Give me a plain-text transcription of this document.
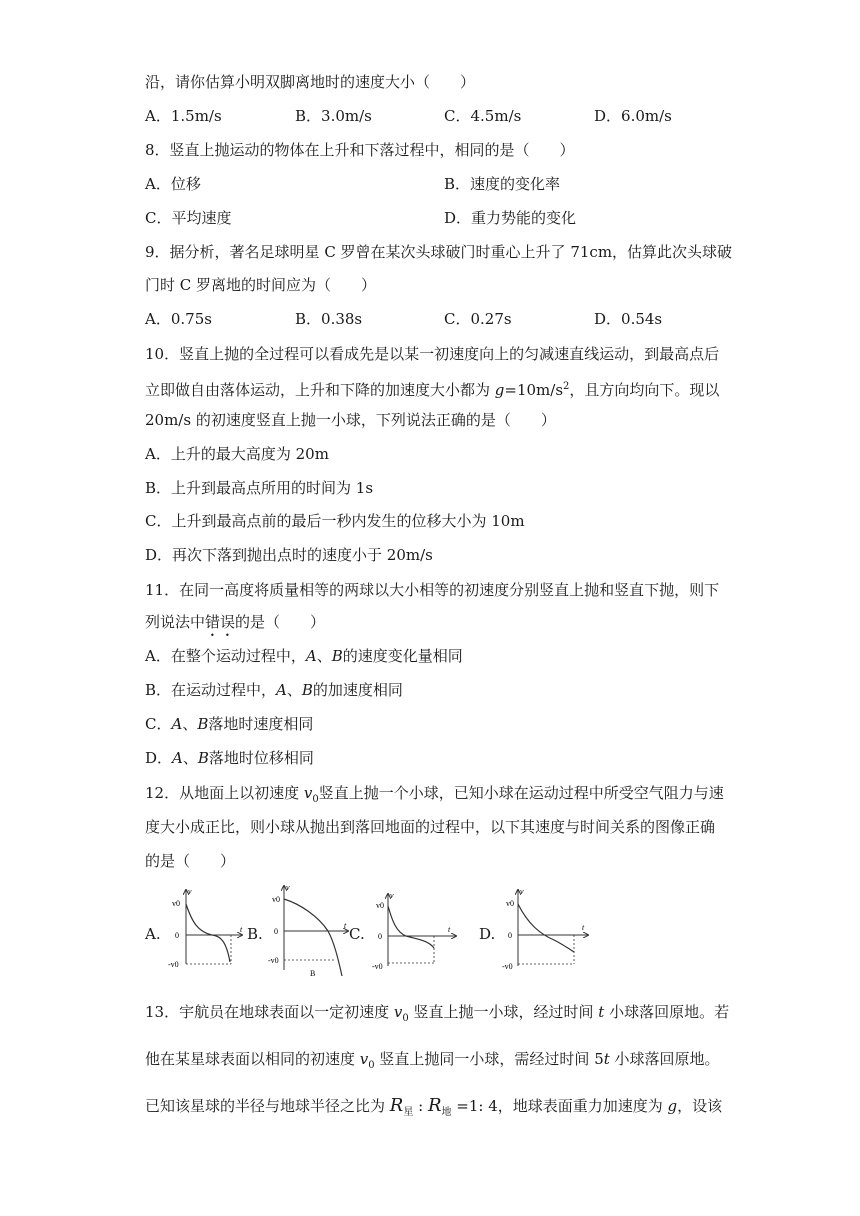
沿，请你估算小明双脚离地时的速度大小（　　）
A．1.5m/s	B．3.0m/s	C．4.5m/s	D．6.0m/s
8．竖直上抛运动的物体在上升和下落过程中，相同的是（　　）
A．位移	B．速度的变化率
C．平均速度	D．重力势能的变化
9．据分析，著名足球明星 C 罗曾在某次头球破门时重心上升了 71cm，估算此次头球破
门时 C 罗离地的时间应为（　　）
A．0.75s	B．0.38s	C．0.27s	D．0.54s
10．竖直上抛的全过程可以看成先是以某一初速度向上的匀减速直线运动，到最高点后
立即做自由落体运动，上升和下降的加速度大小都为 $g=10m/s^2$，且方向均向下。现以
20m/s 的初速度竖直上抛一小球，下列说法正确的是（　　）
A．上升的最大高度为 20m
B．上升到最高点所用的时间为 1s
C．上升到最高点前的最后一秒内发生的位移大小为 10m
D．再次下落到抛出点时的速度小于 20m/s
11．在同一高度将质量相等的两球以大小相等的初速度分别竖直上抛和竖直下抛，则下
列说法中错误的是（　　）
A．在整个运动过程中，A、B的速度变化量相同
B．在运动过程中，A、B的加速度相同
C．A、B落地时速度相同
D．A、B落地时位移相同
12．从地面上以初速度 $v_0$竖直上抛一个小球，已知小球在运动过程中所受空气阻力与速
度大小成正比，则小球从抛出到落回地面的过程中，以下其速度与时间关系的图像正确
的是（　　）
A.	B.	C.	D.
v
v0
0
t
-v0
v
v0
0
t
-v0
B
v
v0
0
t
-v0
v
v0
0
t
-v0
13．宇航员在地球表面以一定初速度 $v_0$ 竖直上抛一小球，经过时间 t 小球落回原地。若
他在某星球表面以相同的初速度 $v_0$ 竖直上抛同一小球，需经过时间 5t 小球落回原地。
已知该星球的半径与地球半径之比为 $R_星$ : $R_地 =1$: 4，地球表面重力加速度为 g，设该
